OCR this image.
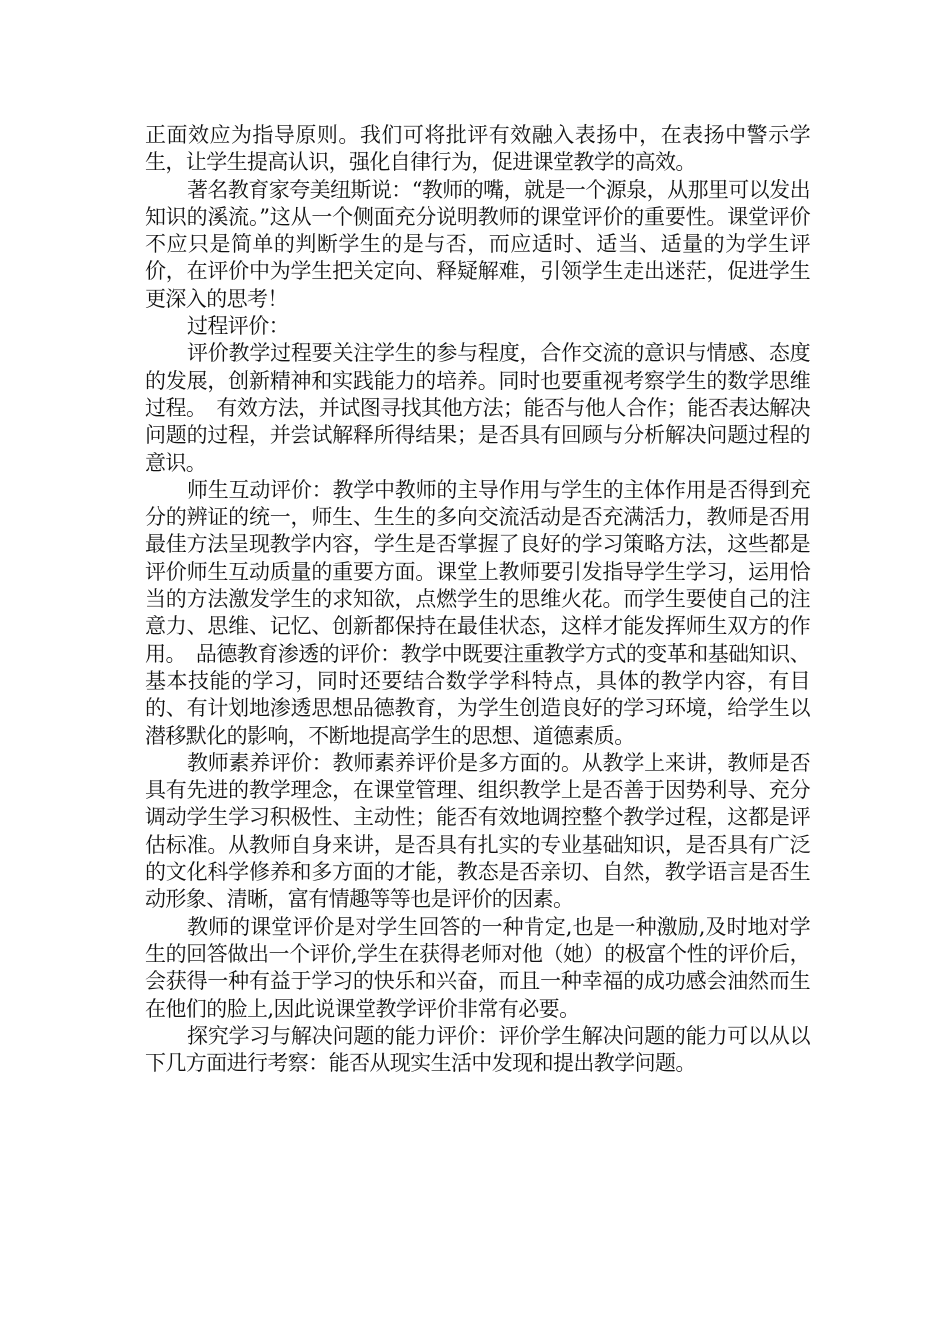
正面效应为指导原则。我们可将批评有效融入表扬中，在表扬中警示学生，让学生提高认识，强化自律行为，促进课堂教学的高效。

著名教育家夸美纽斯说：“教师的嘴，就是一个源泉，从那里可以发出知识的溪流。”这从一个侧面充分说明教师的课堂评价的重要性。课堂评价不应只是简单的判断学生的是与否，而应适时、适当、适量的为学生评价，在评价中为学生把关定向、释疑解难，引领学生走出迷茫，促进学生更深入的思考！

过程评价：

评价教学过程要关注学生的参与程度，合作交流的意识与情感、态度的发展，创新精神和实践能力的培养。同时也要重视考察学生的数学思维过程。　有效方法，并试图寻找其他方法；能否与他人合作；能否表达解决问题的过程，并尝试解释所得结果；是否具有回顾与分析解决问题过程的意识。

师生互动评价：教学中教师的主导作用与学生的主体作用是否得到充分的辨证的统一，师生、生生的多向交流活动是否充满活力，教师是否用最佳方法呈现教学内容，学生是否掌握了良好的学习策略方法，这些都是评价师生互动质量的重要方面。课堂上教师要引发指导学生学习，运用恰当的方法激发学生的求知欲，点燃学生的思维火花。而学生要使自己的注意力、思维、记忆、创新都保持在最佳状态，这样才能发挥师生双方的作用。　品德教育渗透的评价：教学中既要注重教学方式的变革和基础知识、基本技能的学习，同时还要结合数学学科特点，具体的教学内容，有目的、有计划地渗透思想品德教育，为学生创造良好的学习环境，给学生以潜移默化的影响，不断地提高学生的思想、道德素质。

教师素养评价：教师素养评价是多方面的。从教学上来讲，教师是否具有先进的教学理念，在课堂管理、组织教学上是否善于因势利导、充分调动学生学习积极性、主动性；能否有效地调控整个教学过程，这都是评估标准。从教师自身来讲，是否具有扎实的专业基础知识，是否具有广泛的文化科学修养和多方面的才能，教态是否亲切、自然，教学语言是否生动形象、清晰，富有情趣等等也是评价的因素。

教师的课堂评价是对学生回答的一种肯定,也是一种激励,及时地对学生的回答做出一个评价,学生在获得老师对他（她）的极富个性的评价后，会获得一种有益于学习的快乐和兴奋，而且一种幸福的成功感会油然而生在他们的脸上,因此说课堂教学评价非常有必要。

探究学习与解决问题的能力评价：评价学生解决问题的能力可以从以下几方面进行考察：能否从现实生活中发现和提出教学问题。
